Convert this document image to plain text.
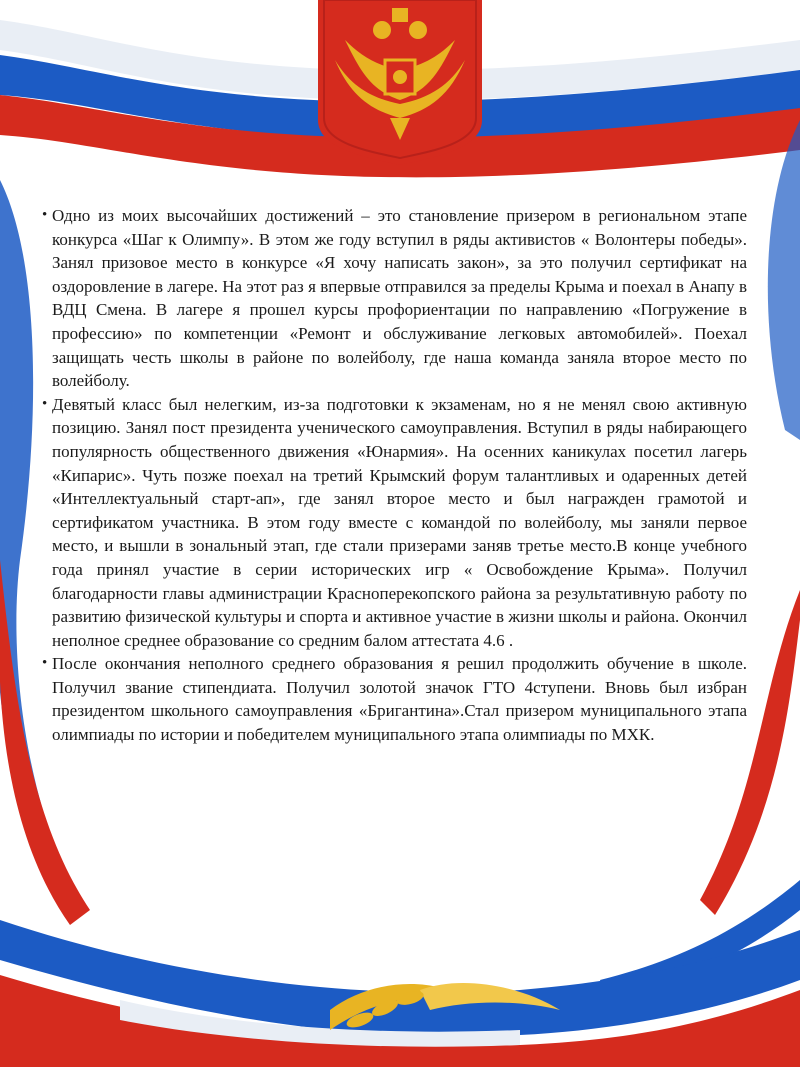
• Одно из моих высочайших достижений – это становление призером в региональном этапе конкурса «Шаг к Олимпу». В этом же году вступил в ряды активистов « Волонтеры победы». Занял призовое место в конкурсе «Я хочу написать закон», за это получил сертификат на оздоровление в лагере. На этот раз я впервые отправился за пределы Крыма и поехал в Анапу в ВДЦ Смена. В лагере я прошел курсы профориентации по направлению «Погружение в профессию» по компетенции «Ремонт и обслуживание легковых автомобилей». Поехал защищать честь школы в районе по волейболу, где наша команда заняла второе место по волейболу.

• Девятый класс был нелегким, из-за подготовки к экзаменам, но я не менял свою активную позицию. Занял пост президента ученического самоуправления. Вступил в ряды набирающего популярность общественного движения «Юнармия». На осенних каникулах посетил лагерь «Кипарис». Чуть позже поехал на третий Крымский форум талантливых и одаренных детей «Интеллектуальный старт-ап», где занял второе место и был награжден грамотой и сертификатом участника. В этом году вместе с командой по волейболу, мы заняли первое место, и вышли в зональный этап, где стали призерами заняв третье место.В конце учебного года принял участие в серии исторических игр « Освобождение Крыма». Получил благодарности главы администрации Красноперекопского района за результативную работу по развитию физической культуры и спорта и активное участие в жизни школы и района. Окончил неполное среднее образование со средним балом аттестата 4.6 .

• После окончания неполного среднего образования я решил продолжить обучение в школе. Получил звание стипендиата. Получил золотой значок ГТО 4ступени. Вновь был избран президентом школьного самоуправления «Бригантина».Стал призером муниципального этапа олимпиады по истории и победителем муниципального этапа олимпиады по МХК.
